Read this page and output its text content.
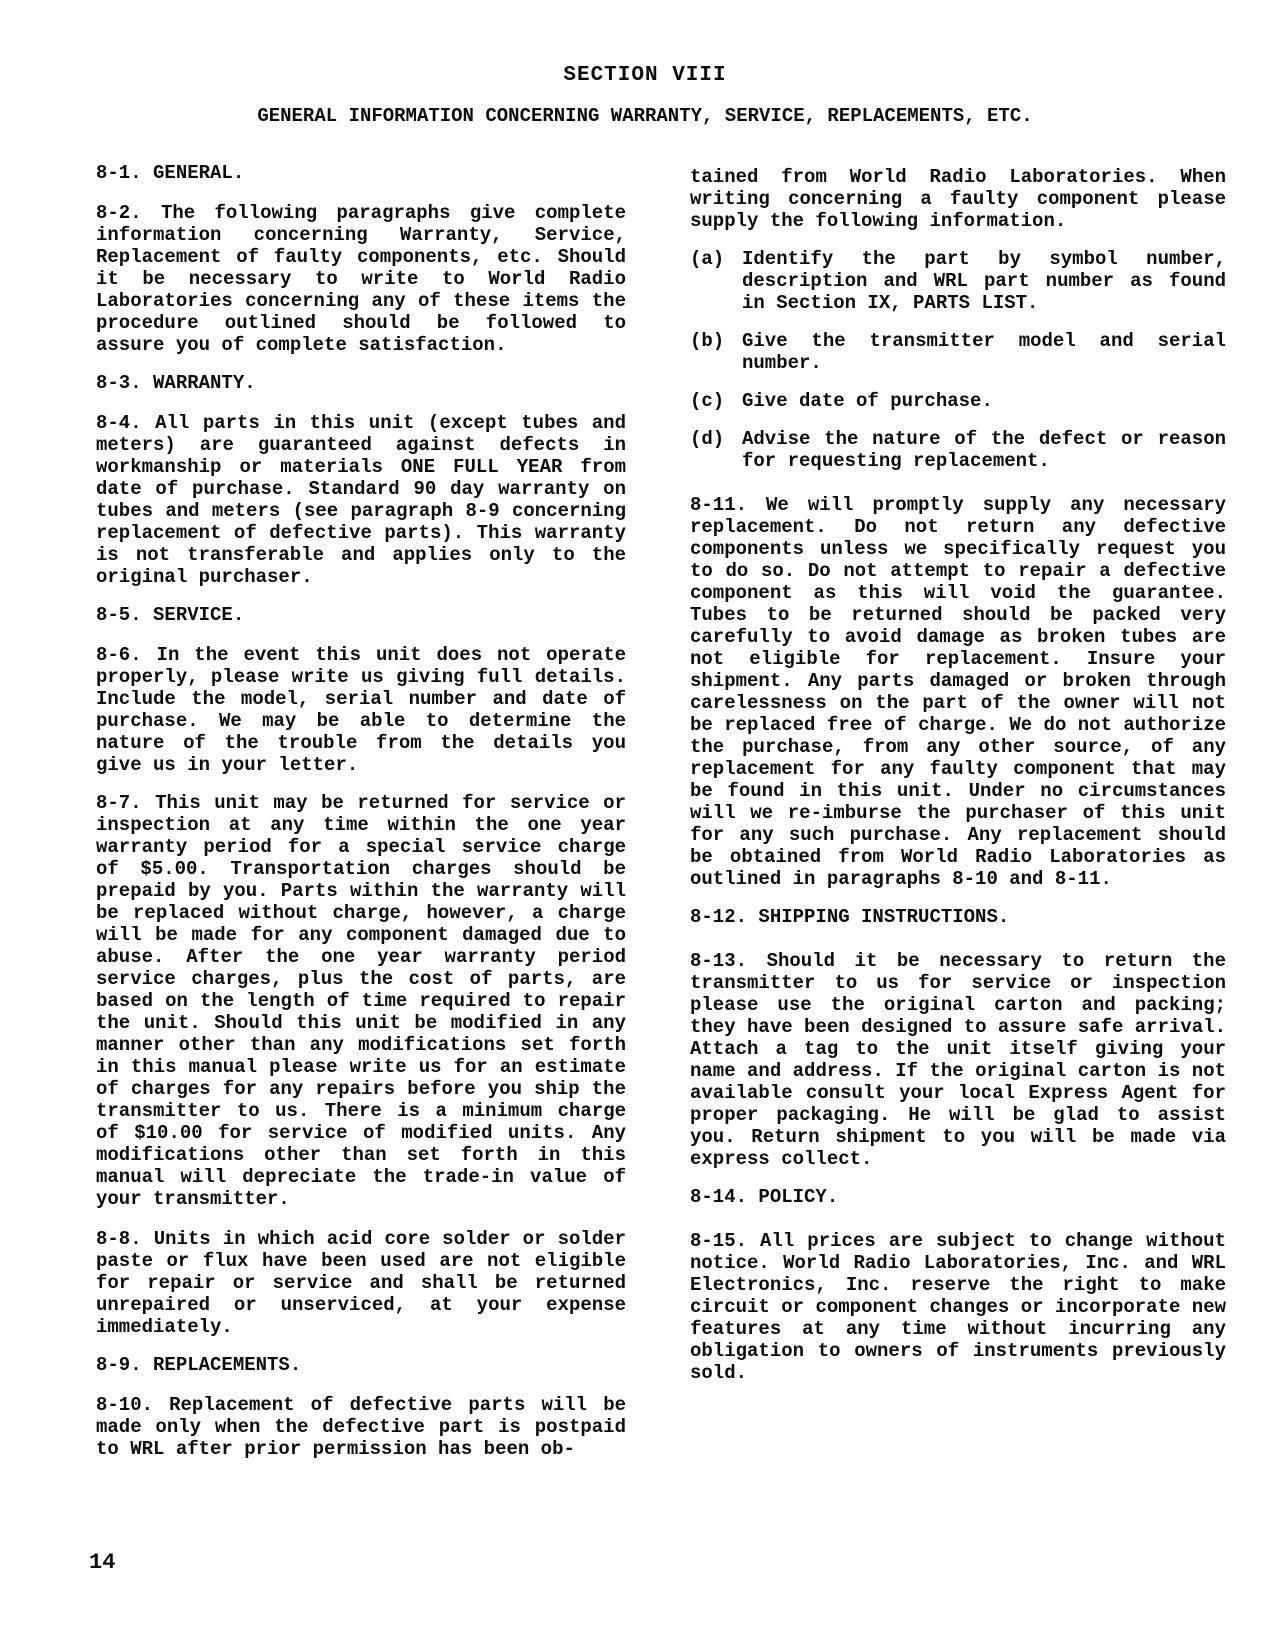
SECTION VIII
GENERAL INFORMATION CONCERNING WARRANTY, SERVICE, REPLACEMENTS, ETC.
8-1. GENERAL.

8-2. The following paragraphs give complete information concerning Warranty, Service, Replacement of faulty components, etc. Should it be necessary to write to World Radio Laboratories concerning any of these items the procedure outlined should be followed to assure you of complete satisfaction.

8-3. WARRANTY.

8-4. All parts in this unit (except tubes and meters) are guaranteed against defects in workmanship or materials ONE FULL YEAR from date of purchase. Standard 90 day warranty on tubes and meters (see paragraph 8-9 concerning replacement of defective parts). This warranty is not transferable and applies only to the original purchaser.

8-5. SERVICE.

8-6. In the event this unit does not operate properly, please write us giving full details. Include the model, serial number and date of purchase. We may be able to determine the nature of the trouble from the details you give us in your letter.

8-7. This unit may be returned for service or inspection at any time within the one year warranty period for a special service charge of $5.00. Transportation charges should be prepaid by you. Parts within the warranty will be replaced without charge, however, a charge will be made for any component damaged due to abuse. After the one year warranty period service charges, plus the cost of parts, are based on the length of time required to repair the unit. Should this unit be modified in any manner other than any modifications set forth in this manual please write us for an estimate of charges for any repairs before you ship the transmitter to us. There is a minimum charge of $10.00 for service of modified units. Any modifications other than set forth in this manual will depreciate the trade-in value of your transmitter.

8-8. Units in which acid core solder or solder paste or flux have been used are not eligible for repair or service and shall be returned unrepaired or unserviced, at your expense immediately.

8-9. REPLACEMENTS.

8-10. Replacement of defective parts will be made only when the defective part is postpaid to WRL after prior permission has been ob-

tained from World Radio Laboratories. When writing concerning a faulty component please supply the following information.

(a) Identify the part by symbol number, description and WRL part number as found in Section IX, PARTS LIST.
(b) Give the transmitter model and serial number.
(c) Give date of purchase.
(d) Advise the nature of the defect or reason for requesting replacement.

8-11. We will promptly supply any necessary replacement. Do not return any defective components unless we specifically request you to do so. Do not attempt to repair a defective component as this will void the guarantee. Tubes to be returned should be packed very carefully to avoid damage as broken tubes are not eligible for replacement. Insure your shipment. Any parts damaged or broken through carelessness on the part of the owner will not be replaced free of charge. We do not authorize the purchase, from any other source, of any replacement for any faulty component that may be found in this unit. Under no circumstances will we re-imburse the purchaser of this unit for any such purchase. Any replacement should be obtained from World Radio Laboratories as outlined in paragraphs 8-10 and 8-11.

8-12. SHIPPING INSTRUCTIONS.

8-13. Should it be necessary to return the transmitter to us for service or inspection please use the original carton and packing; they have been designed to assure safe arrival. Attach a tag to the unit itself giving your name and address. If the original carton is not available consult your local Express Agent for proper packaging. He will be glad to assist you. Return shipment to you will be made via express collect.

8-14. POLICY.

8-15. All prices are subject to change without notice. World Radio Laboratories, Inc. and WRL Electronics, Inc. reserve the right to make circuit or component changes or incorporate new features at any time without incurring any obligation to owners of instruments previously sold.

14
